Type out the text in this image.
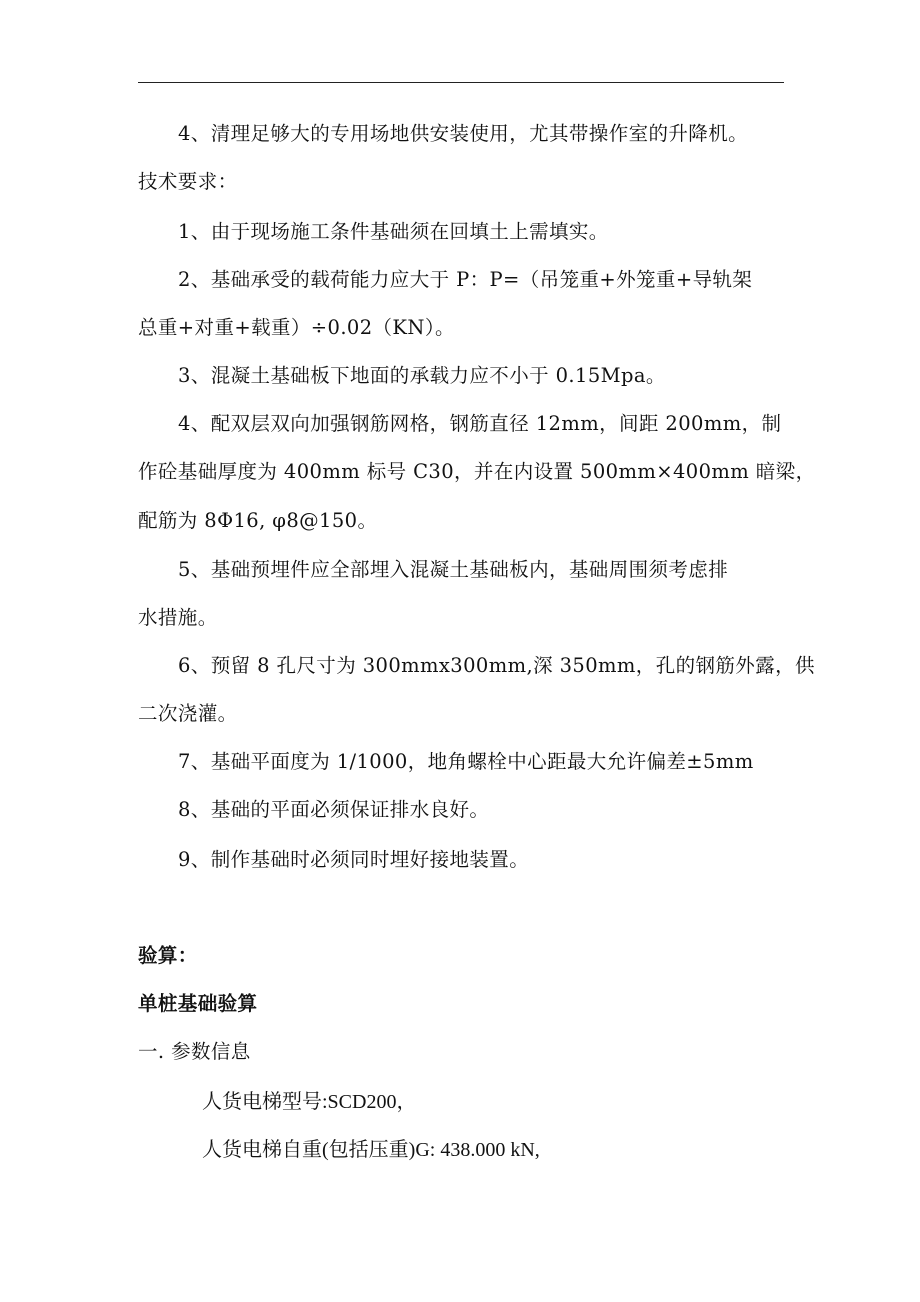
4、清理足够大的专用场地供安装使用，尤其带操作室的升降机。
技术要求：
1、由于现场施工条件基础须在回填土上需填实。
2、基础承受的载荷能力应大于 P：P=（吊笼重+外笼重+导轨架
总重+对重+载重）÷0.02（KN）。
3、混凝土基础板下地面的承载力应不小于 0.15Mpa。
4、配双层双向加强钢筋网格，钢筋直径 12mm，间距 200mm，制
作砼基础厚度为 400mm 标号 C30，并在内设置 500mm×400mm 暗梁，
配筋为 8Φ16, φ8@150。
5、基础预埋件应全部埋入混凝土基础板内，基础周围须考虑排
水措施。
6、预留 8 孔尺寸为 300mmx300mm,深 350mm，孔的钢筋外露，供
二次浇灌。
7、基础平面度为 1/1000，地角螺栓中心距最大允许偏差±5mm
8、基础的平面必须保证排水良好。
9、制作基础时必须同时埋好接地装置。
验算：
单桩基础验算
一. 参数信息
人货电梯型号:SCD200，
人货电梯自重(包括压重)G: 438.000 kN,
